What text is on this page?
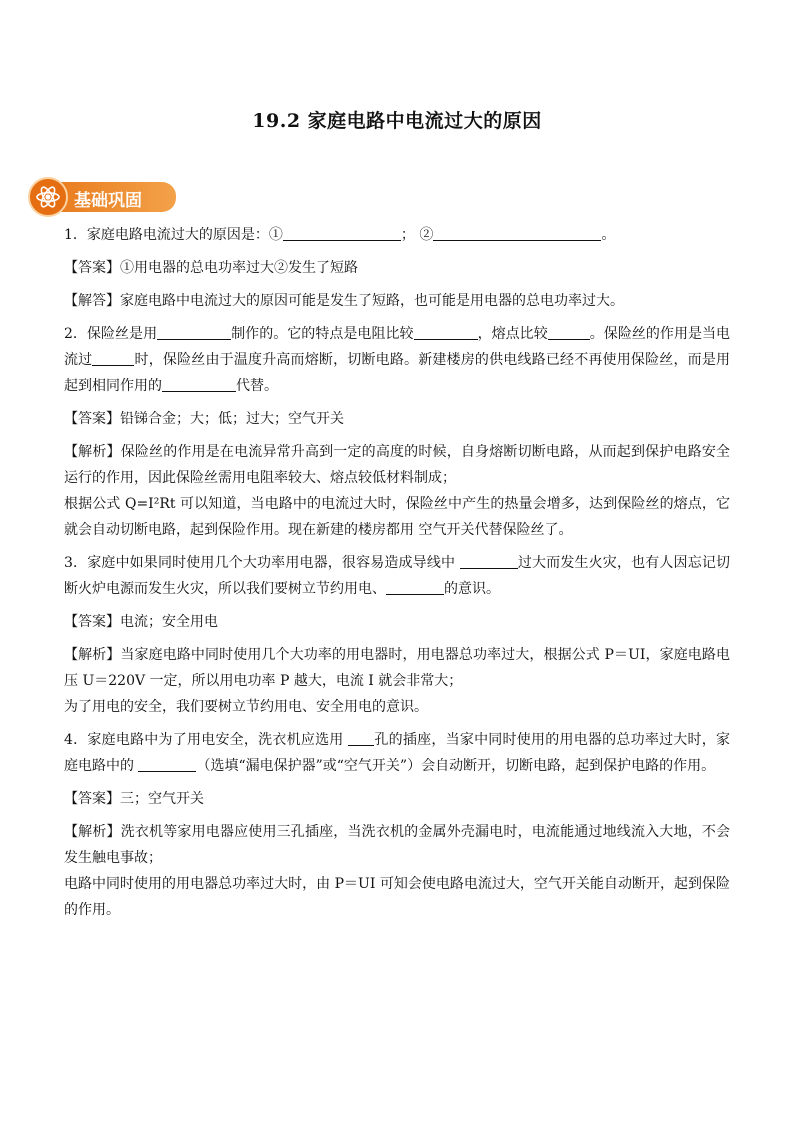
19.2 家庭电路中电流过大的原因
基础巩固

1．家庭电路电流过大的原因是：①	； ②	。

【答案】①用电器的总电功率过大②发生了短路

【解答】家庭电路中电流过大的原因可能是发生了短路，也可能是用电器的总电功率过大。

2．保险丝是用	制作的。它的特点是电阻比较	，熔点比较	。保险丝的作用是当电流过	时，保险丝由于温度升高而熔断，切断电路。新建楼房的供电线路已经不再使用保险丝，而是用起到相同作用的	代替。

【答案】铅锑合金；大；低；过大；空气开关

【解析】保险丝的作用是在电流异常升高到一定的高度的时候，自身熔断切断电路，从而起到保护电路安全运行的作用，因此保险丝需用电阻率较大、熔点较低材料制成；

根据公式 Q=I²Rt 可以知道，当电路中的电流过大时，保险丝中产生的热量会增多，达到保险丝的熔点，它就会自动切断电路，起到保险作用。现在新建的楼房都用 空气开关代替保险丝了。

3．家庭中如果同时使用几个大功率用电器，很容易造成导线中	过大而发生火灾，也有人因忘记切断火炉电源而发生火灾，所以我们要树立节约用电、	的意识。

【答案】电流；安全用电

【解析】当家庭电路中同时使用几个大功率的用电器时，用电器总功率过大，根据公式 P＝UI，家庭电路电压 U＝220V 一定，所以用电功率 P 越大，电流 I 就会非常大；

为了用电的安全，我们要树立节约用电、安全用电的意识。

4．家庭电路中为了用电安全，洗衣机应选用 孔的插座，当家中同时使用的用电器的总功率过大时，家庭电路中的	（选填“漏电保护器”或“空气开关”）会自动断开，切断电路，起到保护电路的作用。

【答案】三；空气开关

【解析】洗衣机等家用电器应使用三孔插座，当洗衣机的金属外壳漏电时，电流能通过地线流入大地，不会发生触电事故；

电路中同时使用的用电器总功率过大时，由 P＝UI 可知会使电路电流过大，空气开关能自动断开，起到保险的作用。
